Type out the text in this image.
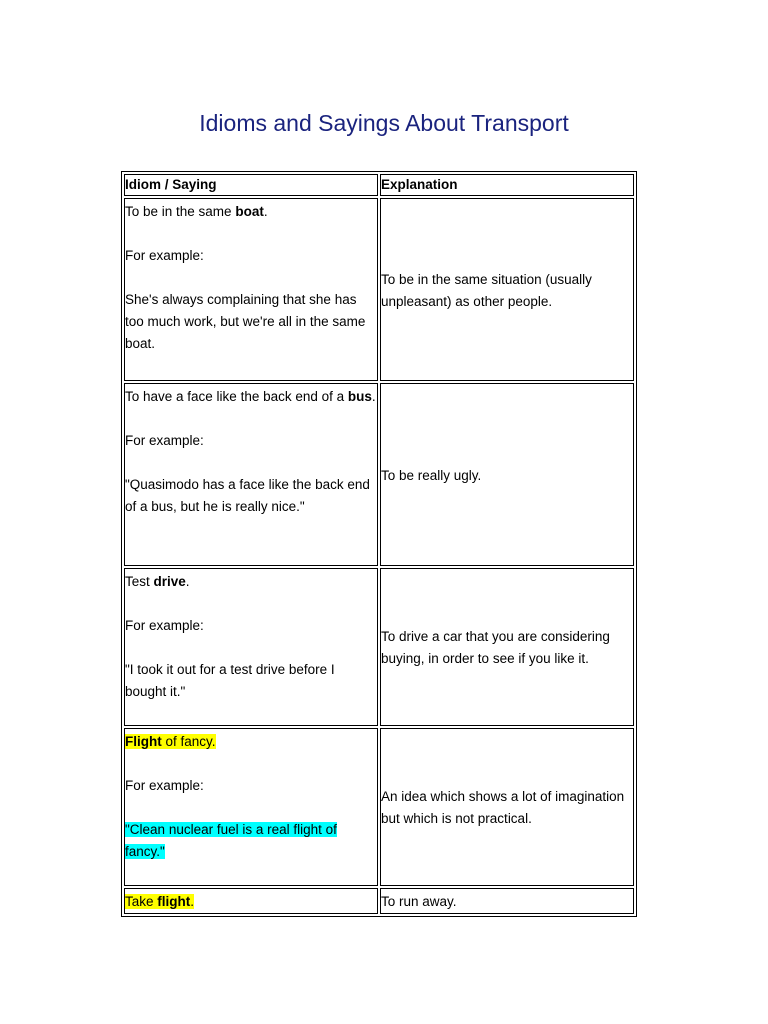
Idioms and Sayings About Transport
Idiom / Saying	Explanation

To be in the same boat.

For example:

She's always complaining that she has too much work, but we're all in the same boat.	To be in the same situation (usually unpleasant) as other people.

To have a face like the back end of a bus.

For example:

"Quasimodo has a face like the back end of a bus, but he is really nice."	To be really ugly.

Test drive.

For example:

"I took it out for a test drive before I bought it."	To drive a car that you are considering buying, in order to see if you like it.

Flight of fancy.

For example:

"Clean nuclear fuel is a real flight of fancy."	An idea which shows a lot of imagination but which is not practical.
Take flight.	To run away.
